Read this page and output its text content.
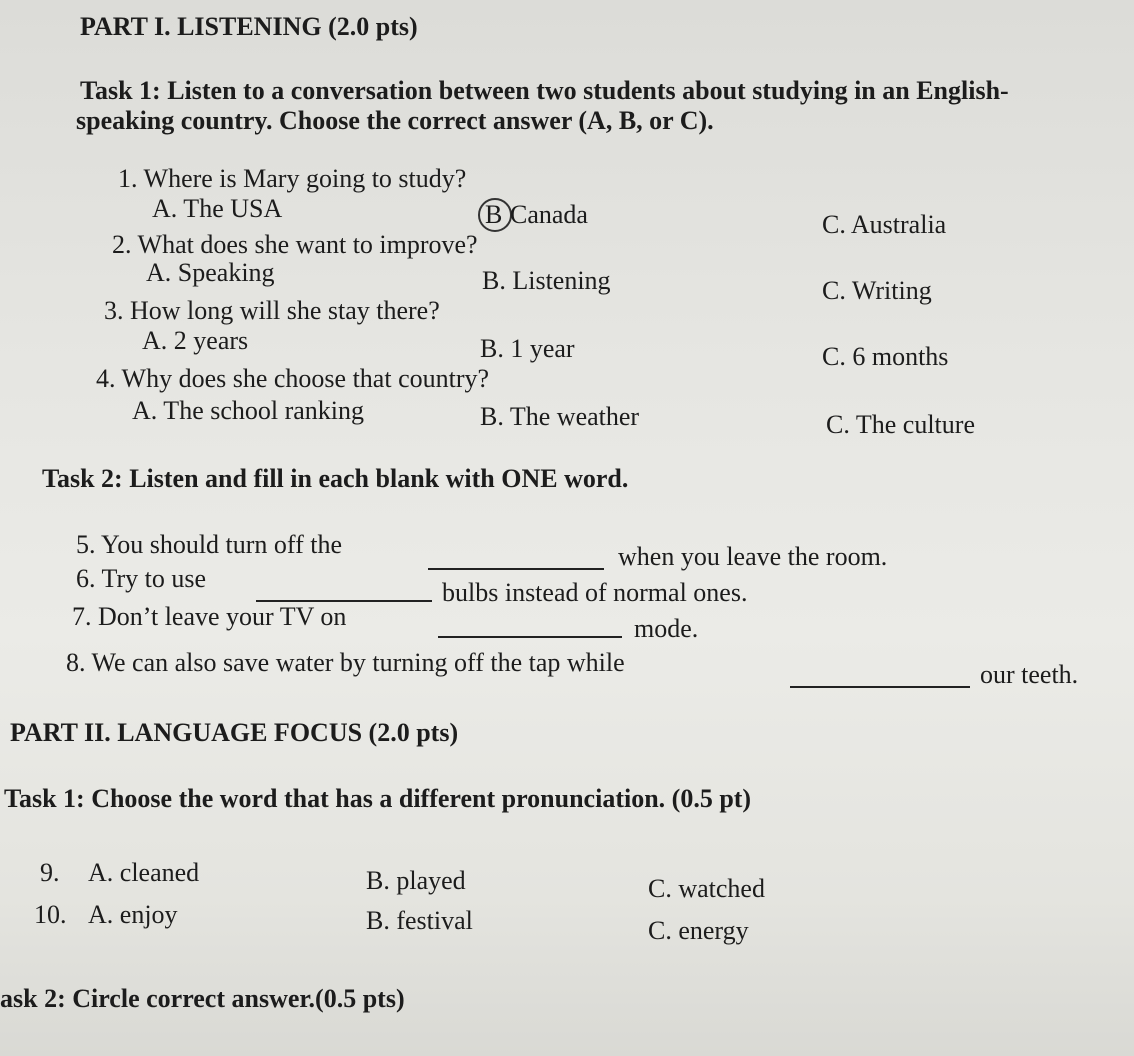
PART I. LISTENING (2.0 pts)
Task 1: Listen to a conversation between two students about studying in an English-
speaking country. Choose the correct answer (A, B, or C).
1. Where is Mary going to study?
A. The USA	B Canada	C. Australia
2. What does she want to improve?
A. Speaking	B. Listening	C. Writing
3. How long will she stay there?
A. 2 years	B. 1 year	C. 6 months
4. Why does she choose that country?
A. The school ranking	B. The weather	C. The culture
Task 2: Listen and fill in each blank with ONE word.
5. You should turn off the	when you leave the room.
6. Try to use	bulbs instead of normal ones.
7. Don’t leave your TV on	mode.
8. We can also save water by turning off the tap while	our teeth.
PART II. LANGUAGE FOCUS (2.0 pts)
Task 1: Choose the word that has a different pronunciation. (0.5 pt)
9. A. cleaned	B. played	C. watched
10. A. enjoy	B. festival	C. energy
ask 2: Circle correct answer.(0.5 pts)
